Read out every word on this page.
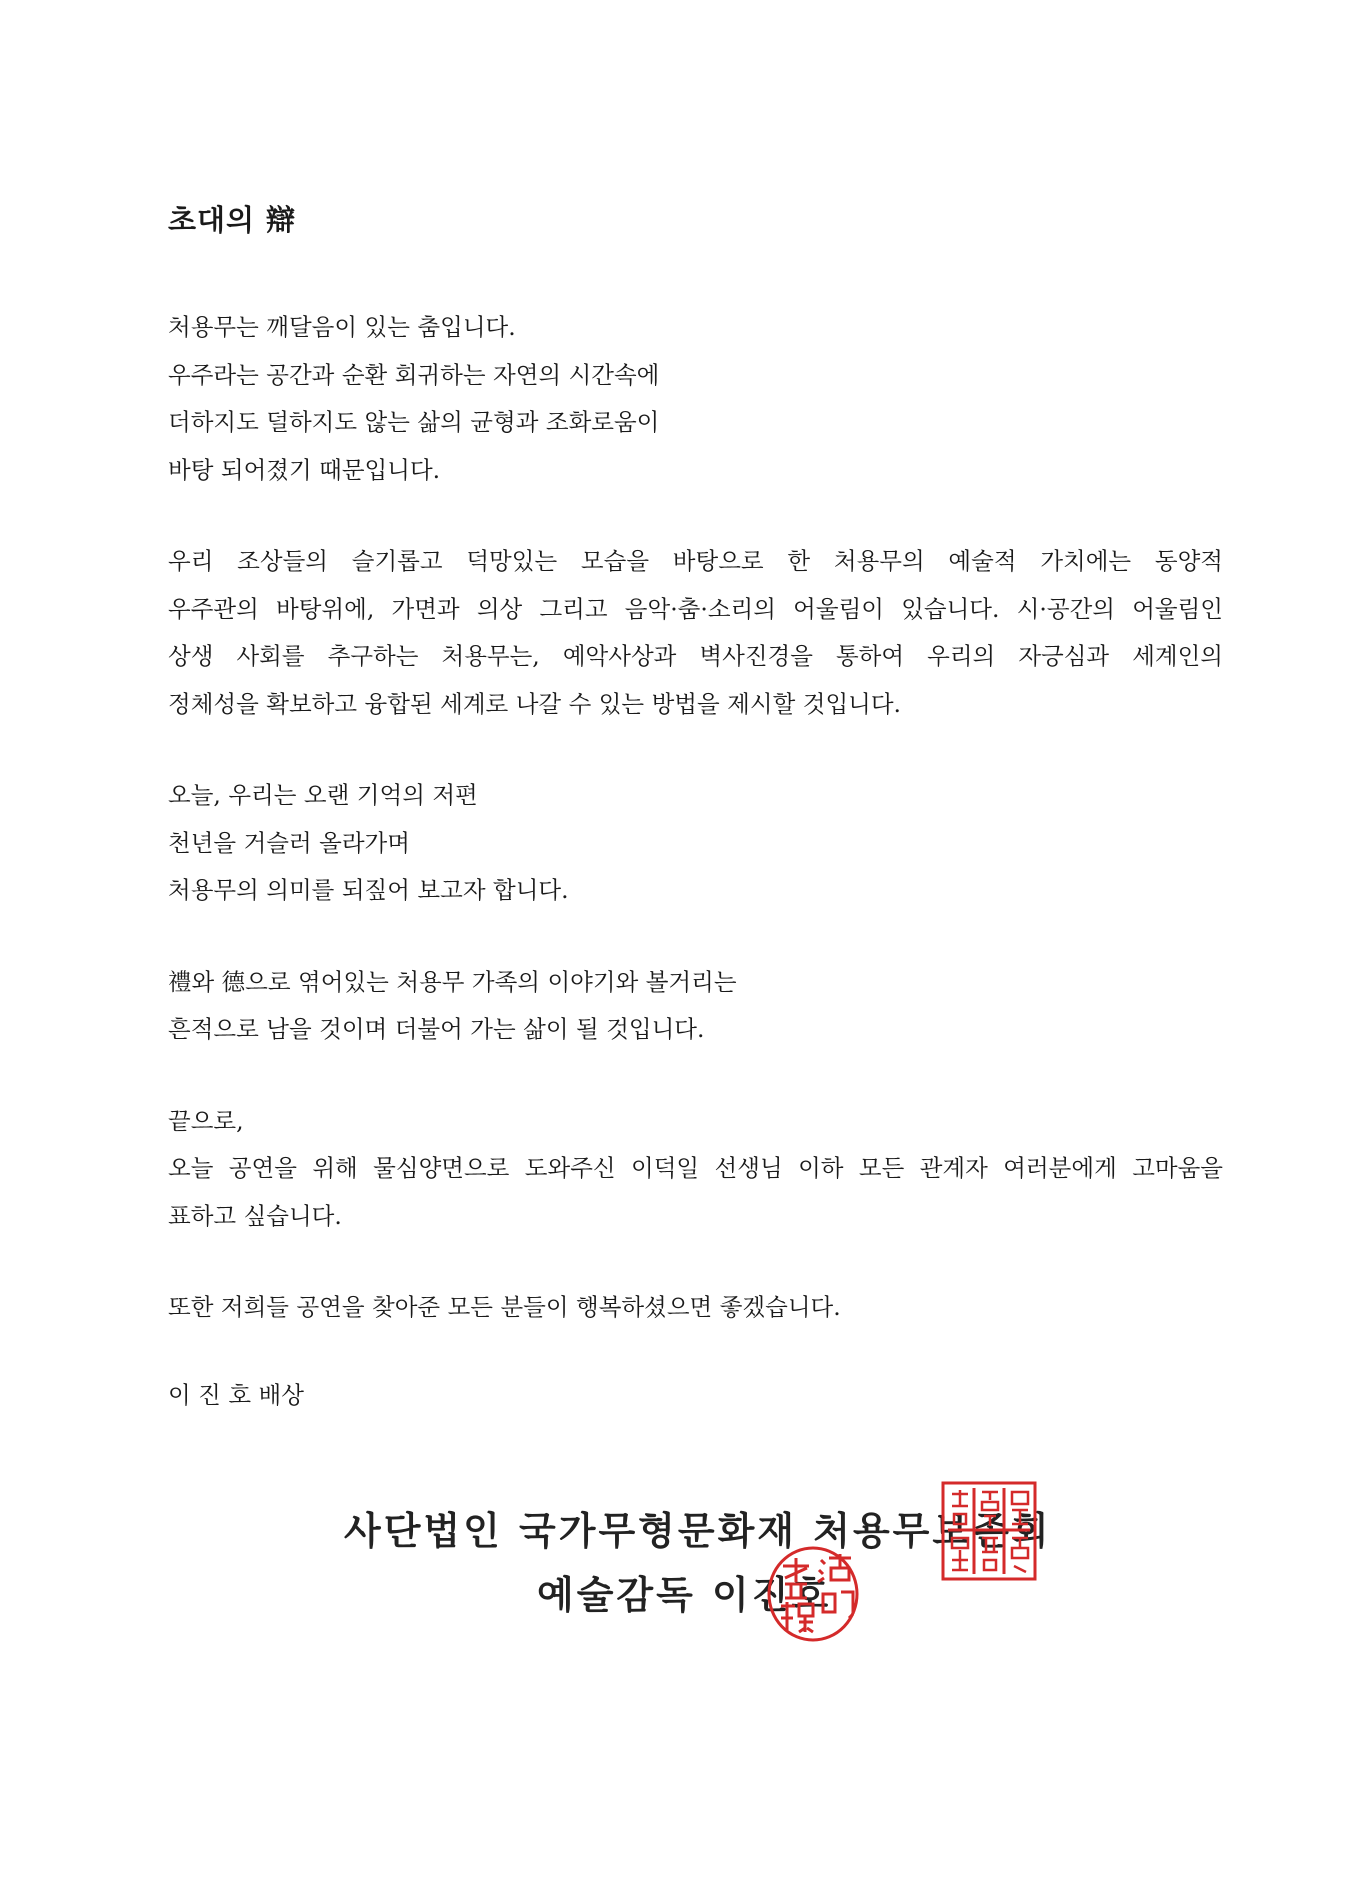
초대의 辯

처용무는 깨달음이 있는 춤입니다.
우주라는 공간과 순환 회귀하는 자연의 시간속에
더하지도 덜하지도 않는 삶의 균형과 조화로움이
바탕 되어졌기 때문입니다.

우리 조상들의 슬기롭고 덕망있는 모습을 바탕으로 한 처용무의 예술적 가치에는 동양적
우주관의 바탕위에, 가면과 의상 그리고 음악·춤·소리의 어울림이 있습니다. 시·공간의 어울림인
상생 사회를 추구하는 처용무는, 예악사상과 벽사진경을 통하여 우리의 자긍심과 세계인의
정체성을 확보하고 융합된 세계로 나갈 수 있는 방법을 제시할 것입니다.

오늘, 우리는 오랜 기억의 저편
천년을 거슬러 올라가며
처용무의 의미를 되짚어 보고자 합니다.

禮와 德으로 엮어있는 처용무 가족의 이야기와 볼거리는
흔적으로 남을 것이며 더불어 가는 삶이 될 것입니다.

끝으로,
오늘 공연을 위해 물심양면으로 도와주신 이덕일 선생님 이하 모든 관계자 여러분에게 고마움을
표하고 싶습니다.

또한 저희들 공연을 찾아준 모든 분들이 행복하셨으면 좋겠습니다.

이 진 호 배상

사단법인 국가무형문화재 처용무보존회
예술감독 이진호
